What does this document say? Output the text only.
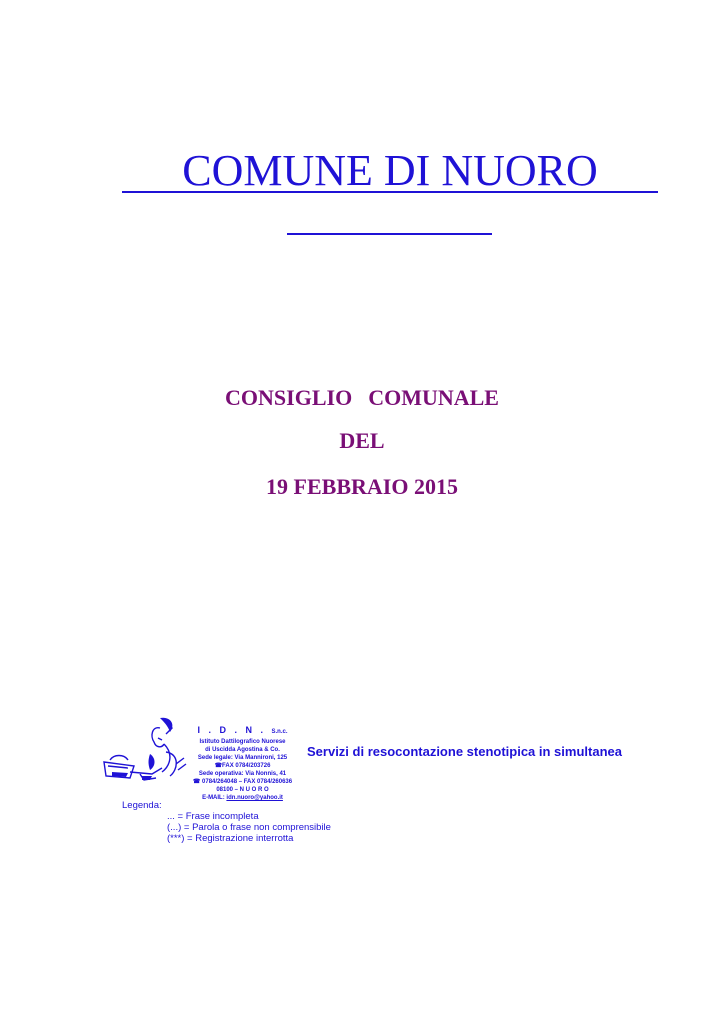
COMUNE DI NUORO
CONSIGLIO COMUNALE
DEL
19 FEBBRAIO 2015
I . D . N . S.n.c.
Istituto Dattilografico Nuorese
di Uscidda Agostina & Co.
Sede legale: Via Mannironi, 125
☎FAX 0784/203726
Sede operativa: Via Nonnis, 41
☎ 0784/264048 – FAX 0784/260636
08100 – N U O R O
E-MAIL: idn.nuoro@yahoo.it
Servizi di resocontazione stenotipica in simultanea
Legenda:
... = Frase incompleta
(...) = Parola o frase non comprensibile
(***) = Registrazione interrotta
